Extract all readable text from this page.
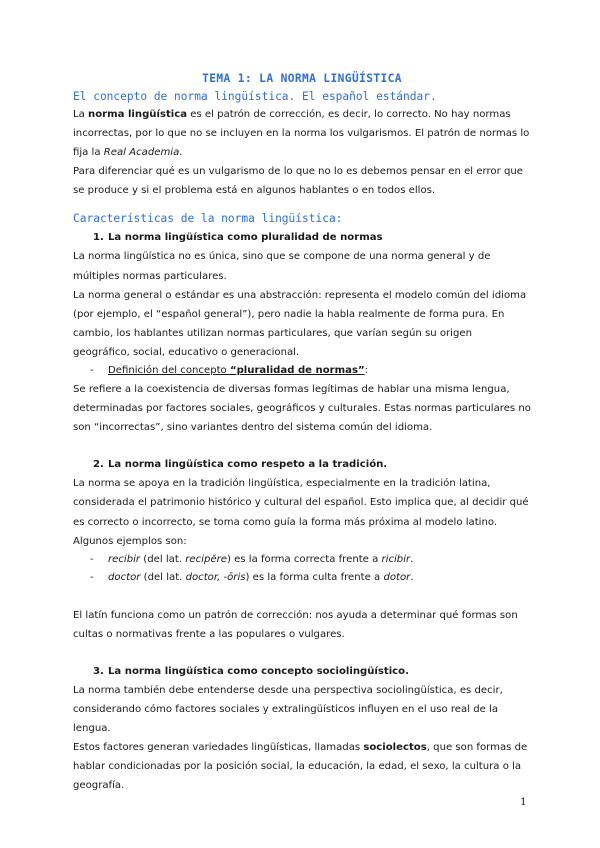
TEMA 1: LA NORMA LINGÜÍSTICA
El concepto de norma lingüística. El español estándar.

La norma lingüística es el patrón de corrección, es decir, lo correcto. No hay normas incorrectas, por lo que no se incluyen en la norma los vulgarismos. El patrón de normas lo fija la Real Academia.

Para diferenciar qué es un vulgarismo de lo que no lo es debemos pensar en el error que se produce y si el problema está en algunos hablantes o en todos ellos.

Características de la norma lingüística:
1. La norma lingüística como pluralidad de normas

La norma lingüística no es única, sino que se compone de una norma general y de múltiples normas particulares.

La norma general o estándar es una abstracción: representa el modelo común del idioma (por ejemplo, el “español general”), pero nadie la habla realmente de forma pura. En cambio, los hablantes utilizan normas particulares, que varían según su origen geográfico, social, educativo o generacional.

- Definición del concepto “pluralidad de normas”:

Se refiere a la coexistencia de diversas formas legítimas de hablar una misma lengua, determinadas por factores sociales, geográficos y culturales. Estas normas particulares no son “incorrectas”, sino variantes dentro del sistema común del idioma.

2. La norma lingüística como respeto a la tradición.

La norma se apoya en la tradición lingüística, especialmente en la tradición latina, considerada el patrimonio histórico y cultural del español. Esto implica que, al decidir qué es correcto o incorrecto, se toma como guía la forma más próxima al modelo latino.

Algunos ejemplos son:

- recibir (del lat. recipĕre) es la forma correcta frente a ricibir.
- doctor (del lat. doctor, -ōris) es la forma culta frente a dotor.

El latín funciona como un patrón de corrección: nos ayuda a determinar qué formas son cultas o normativas frente a las populares o vulgares.

3. La norma lingüística como concepto sociolingüístico.

La norma también debe entenderse desde una perspectiva sociolingüística, es decir, considerando cómo factores sociales y extralingüísticos influyen en el uso real de la lengua.

Estos factores generan variedades lingüísticas, llamadas sociolectos, que son formas de hablar condicionadas por la posición social, la educación, la edad, el sexo, la cultura o la geografía.

1
